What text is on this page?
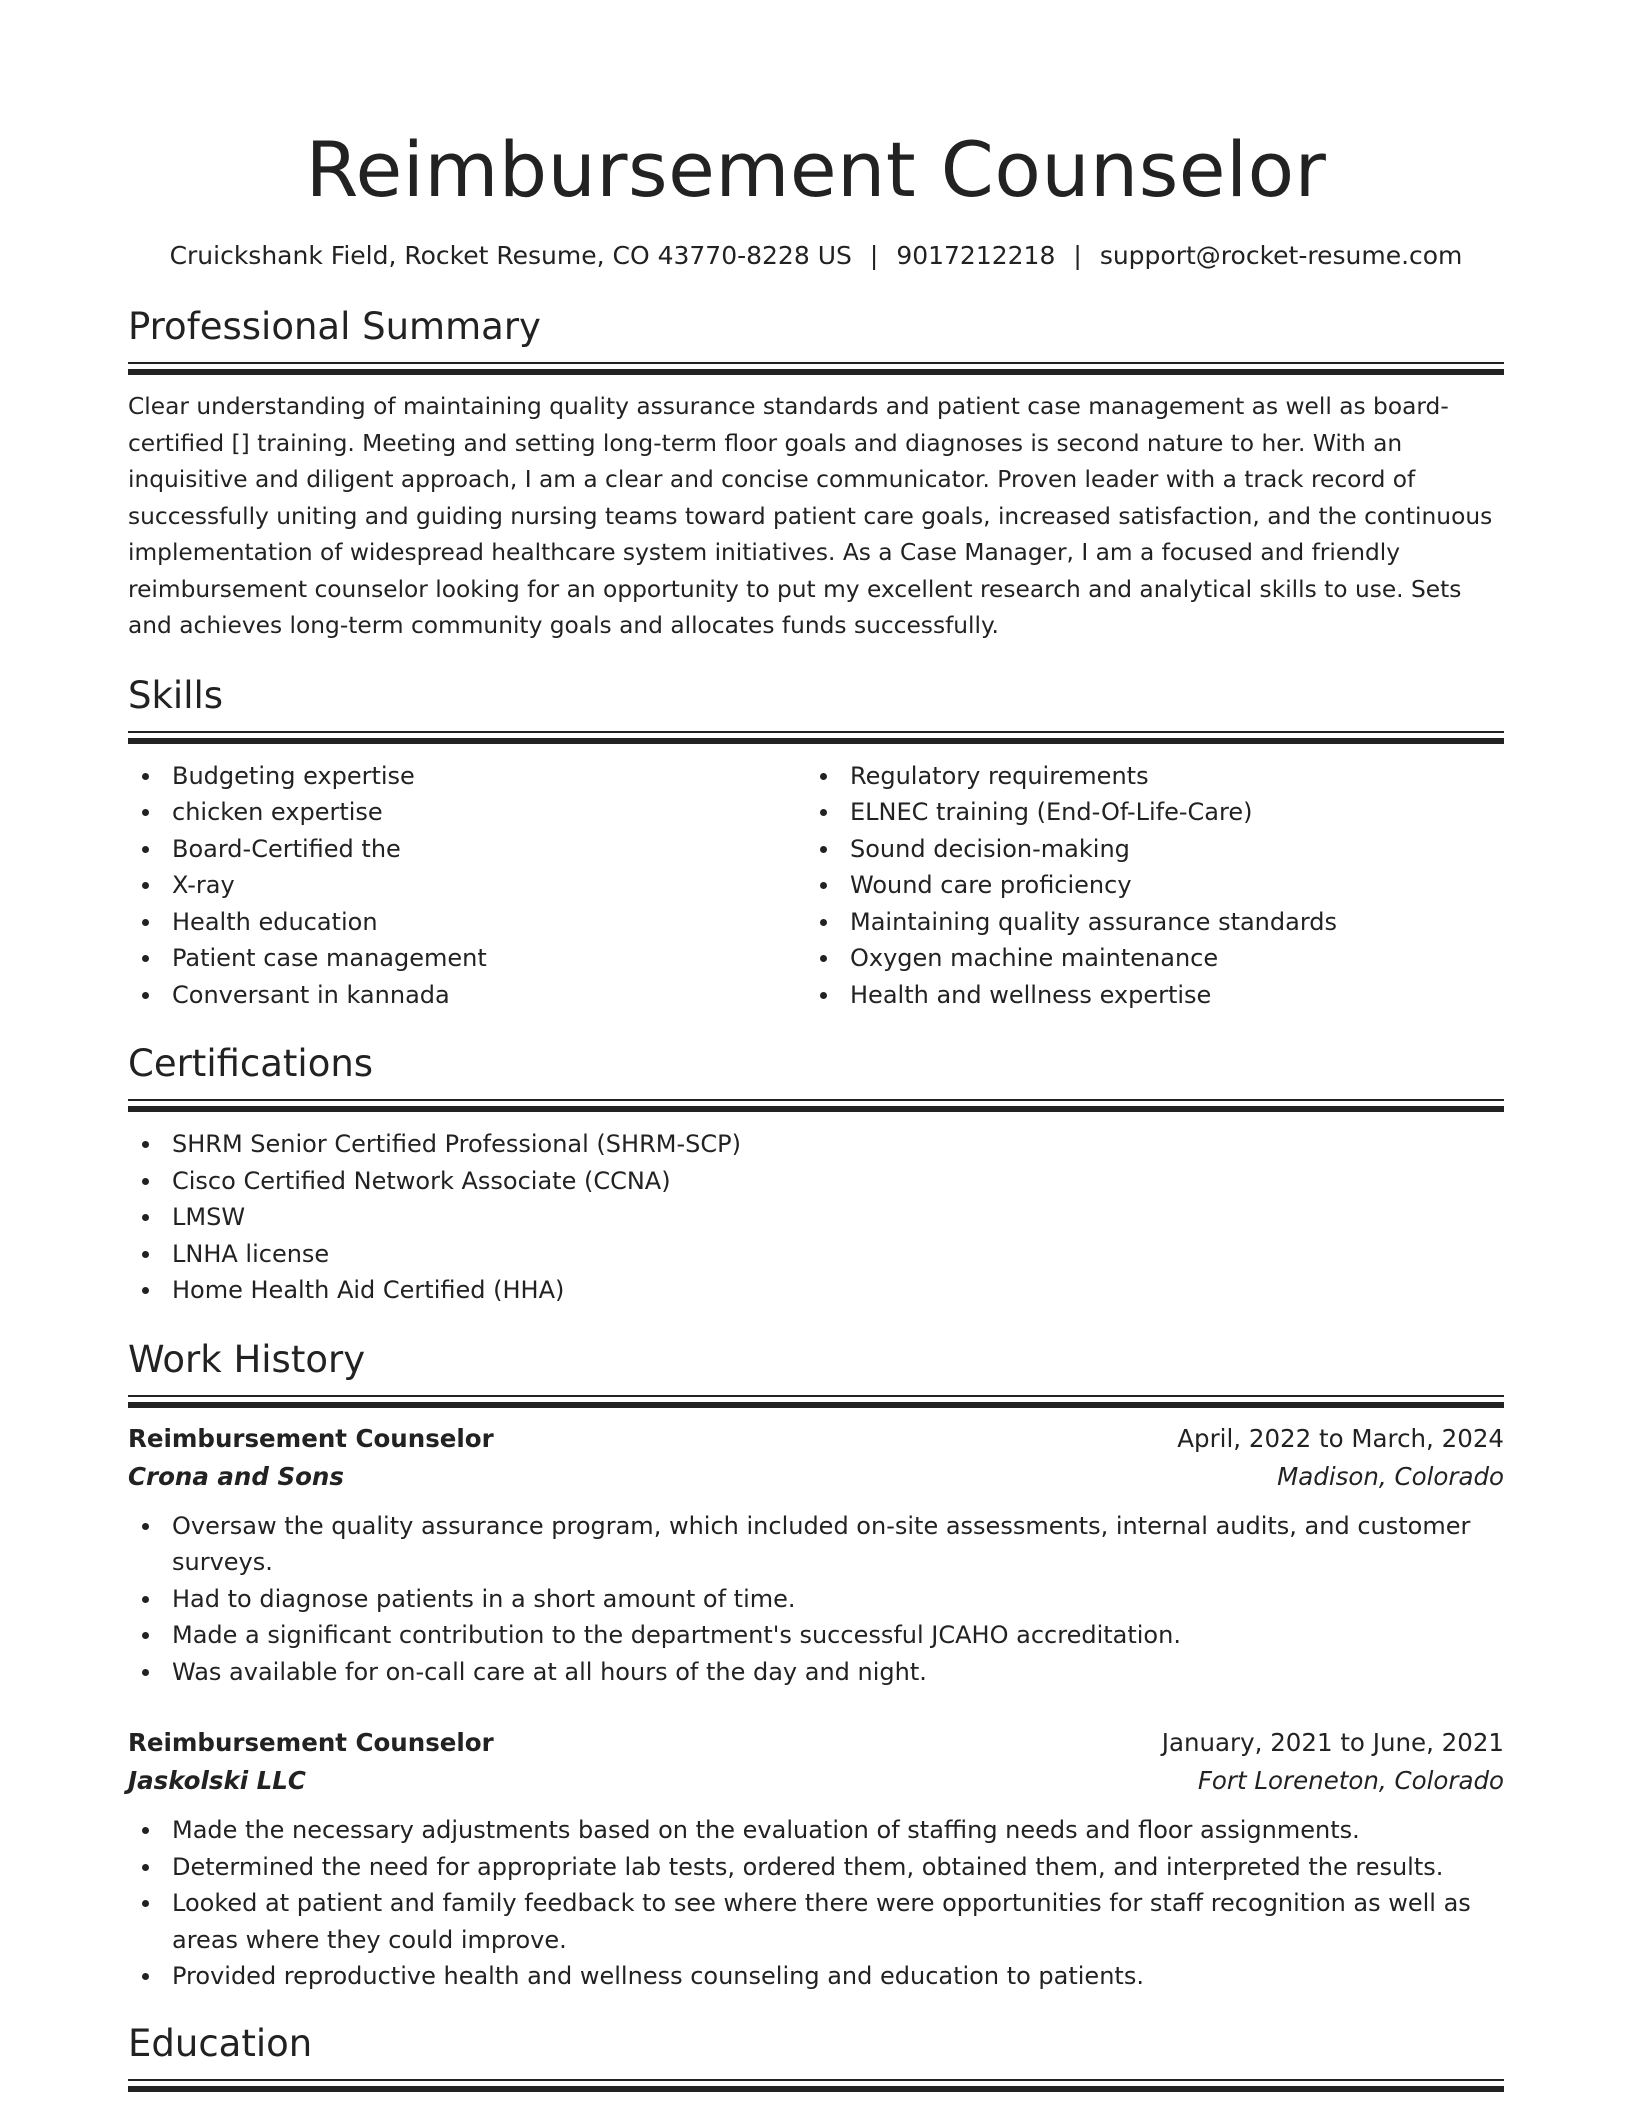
Reimbursement Counselor
Cruickshank Field, Rocket Resume, CO 43770-8228 US | 9017212218 | support@rocket-resume.com
Professional Summary

Clear understanding of maintaining quality assurance standards and patient case management as well as board-certified [] training. Meeting and setting long-term floor goals and diagnoses is second nature to her. With an inquisitive and diligent approach, I am a clear and concise communicator. Proven leader with a track record of successfully uniting and guiding nursing teams toward patient care goals, increased satisfaction, and the continuous implementation of widespread healthcare system initiatives. As a Case Manager, I am a focused and friendly reimbursement counselor looking for an opportunity to put my excellent research and analytical skills to use. Sets and achieves long-term community goals and allocates funds successfully.

Skills
Budgeting expertise
chicken expertise
Board-Certified the
X-ray
Health education
Patient case management
Conversant in kannada
Regulatory requirements
ELNEC training (End-Of-Life-Care)
Sound decision-making
Wound care proficiency
Maintaining quality assurance standards
Oxygen machine maintenance
Health and wellness expertise
Certifications
SHRM Senior Certified Professional (SHRM-SCP)
Cisco Certified Network Associate (CCNA)
LMSW
LNHA license
Home Health Aid Certified (HHA)
Work History
Reimbursement Counselor	April, 2022 to March, 2024
Crona and Sons	Madison, Colorado
Oversaw the quality assurance program, which included on-site assessments, internal audits, and customer surveys.
Had to diagnose patients in a short amount of time.
Made a significant contribution to the department's successful JCAHO accreditation.
Was available for on-call care at all hours of the day and night.
Reimbursement Counselor	January, 2021 to June, 2021
Jaskolski LLC	Fort Loreneton, Colorado
Made the necessary adjustments based on the evaluation of staffing needs and floor assignments.
Determined the need for appropriate lab tests, ordered them, obtained them, and interpreted the results.
Looked at patient and family feedback to see where there were opportunities for staff recognition as well as areas where they could improve.
Provided reproductive health and wellness counseling and education to patients.
Education
